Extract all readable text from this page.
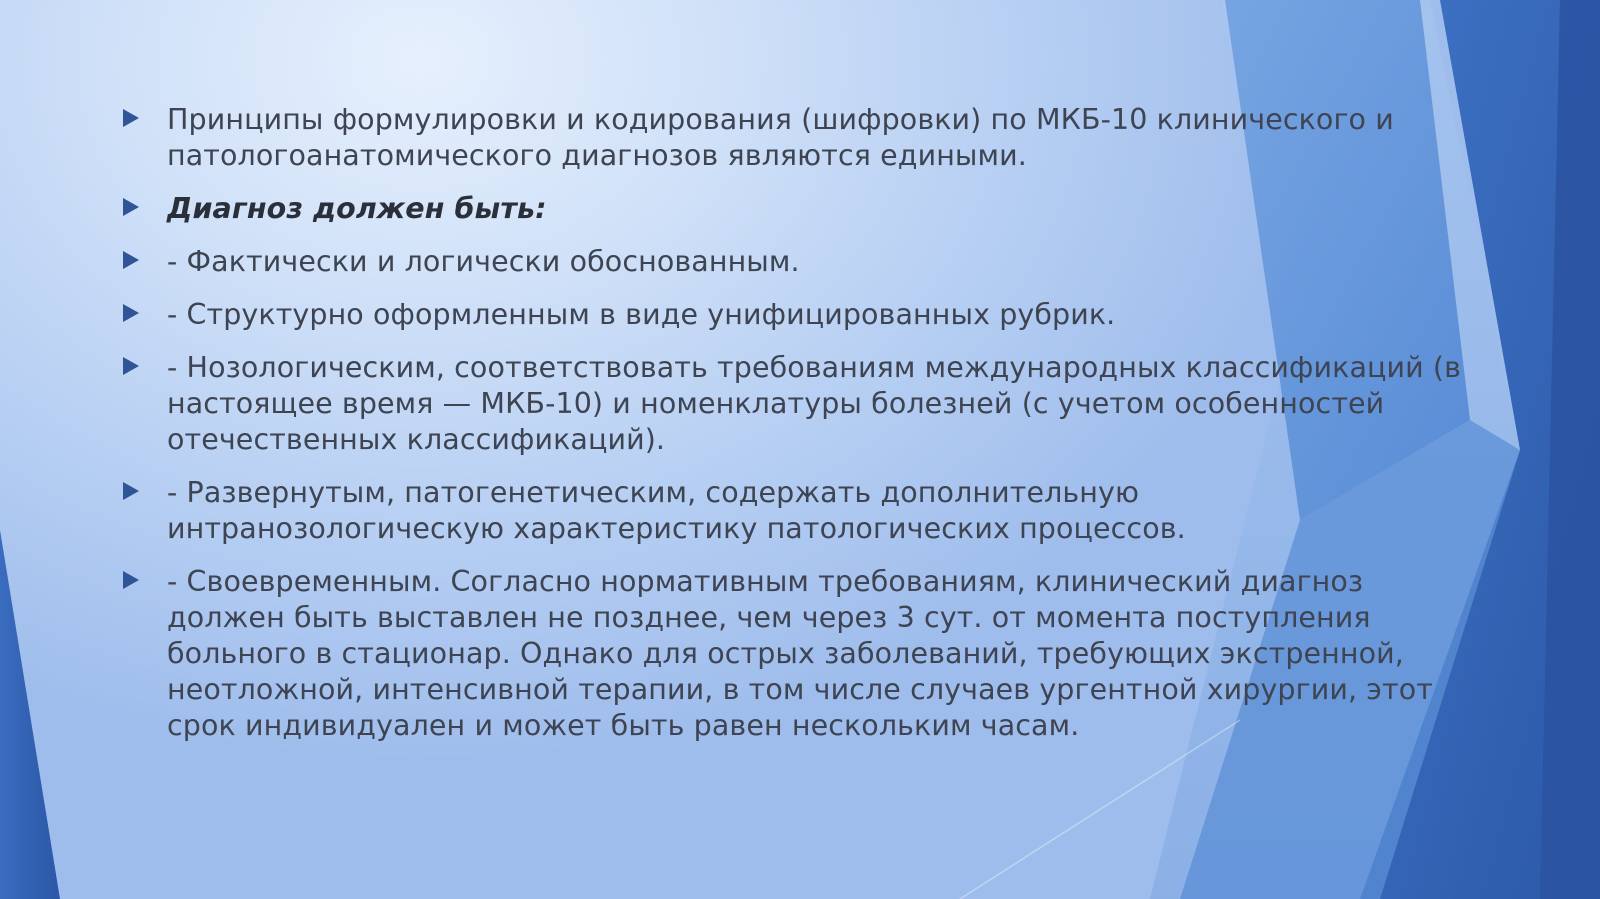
Принципы формулировки и кодирования (шифровки) по МКБ-10 клинического и патологоанатомического диагнозов являются едиными.
Диагноз должен быть:
- Фактически и логически обоснованным.
- Структурно оформленным в виде унифицированных рубрик.
- Нозологическим, соответствовать требованиям международных классификаций (в настоящее время — МКБ-10) и номенклатуры болезней (с учетом особенностей отечественных классификаций).
- Развернутым, патогенетическим, содержать дополнительную интранозологическую характеристику патологических процессов.
- Своевременным. Согласно нормативным требованиям, клинический диагноз должен быть выставлен не позднее, чем через 3 сут. от момента поступления больного в стационар. Однако для острых заболеваний, требующих экстренной, неотложной, интенсивной терапии, в том числе случаев ургентной хирургии, этот срок индивидуален и может быть равен нескольким часам.
